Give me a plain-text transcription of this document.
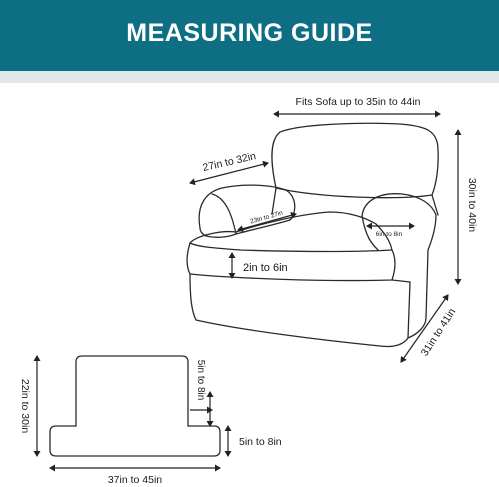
MEASURING GUIDE
Fits Sofa up to 35in to 44in
27in to 32in
23in to 27in
6in to 8in
2in to 6in
30in to 40in
31in to 41in
22in to 30in	5in to 8in
5in to 8in
37in to 45in
